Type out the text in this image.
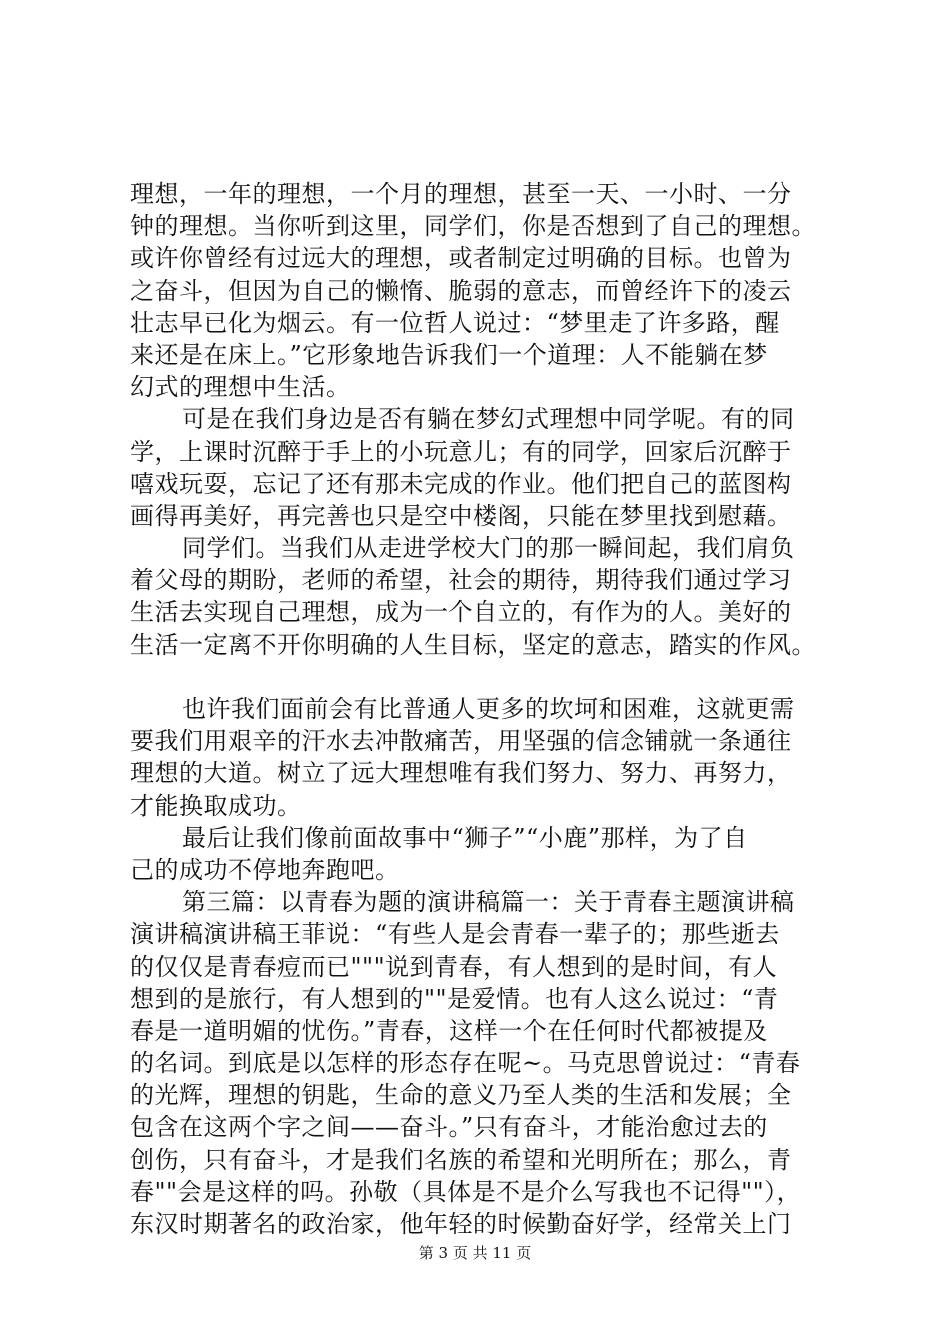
理想，一年的理想，一个月的理想，甚至一天、一小时、一分
钟的理想。当你听到这里，同学们，你是否想到了自己的理想。
或许你曾经有过远大的理想，或者制定过明确的目标。也曾为
之奋斗，但因为自己的懒惰、脆弱的意志，而曾经许下的凌云
壮志早已化为烟云。有一位哲人说过：“梦里走了许多路，醒
来还是在床上。”它形象地告诉我们一个道理：人不能躺在梦
幻式的理想中生活。
可是在我们身边是否有躺在梦幻式理想中同学呢。有的同
学，上课时沉醉于手上的小玩意儿；有的同学，回家后沉醉于
嘻戏玩耍，忘记了还有那未完成的作业。他们把自己的蓝图构
画得再美好，再完善也只是空中楼阁，只能在梦里找到慰藉。
同学们。当我们从走进学校大门的那一瞬间起，我们肩负
着父母的期盼，老师的希望，社会的期待，期待我们通过学习
生活去实现自己理想，成为一个自立的，有作为的人。美好的
生活一定离不开你明确的人生目标，坚定的意志，踏实的作风。
也许我们面前会有比普通人更多的坎坷和困难，这就更需
要我们用艰辛的汗水去冲散痛苦，用坚强的信念铺就一条通往
理想的大道。树立了远大理想唯有我们努力、努力、再努力，
才能换取成功。
最后让我们像前面故事中“狮子”“小鹿”那样，为了自
己的成功不停地奔跑吧。
第三篇：以青春为题的演讲稿篇一：关于青春主题演讲稿
演讲稿演讲稿王菲说：“有些人是会青春一辈子的；那些逝去
的仅仅是青春痘而已"""说到青春，有人想到的是时间，有人
想到的是旅行，有人想到的""是爱情。也有人这么说过：“青
春是一道明媚的忧伤。”青春，这样一个在任何时代都被提及
的名词。到底是以怎样的形态存在呢~。马克思曾说过：“青春
的光辉，理想的钥匙，生命的意义乃至人类的生活和发展；全
包含在这两个字之间——奋斗。”只有奋斗，才能治愈过去的
创伤，只有奋斗，才是我们名族的希望和光明所在；那么，青
春""会是这样的吗。孙敬（具体是不是介么写我也不记得""），
东汉时期著名的政治家，他年轻的时候勤奋好学，经常关上门
第 3 页 共 11 页
